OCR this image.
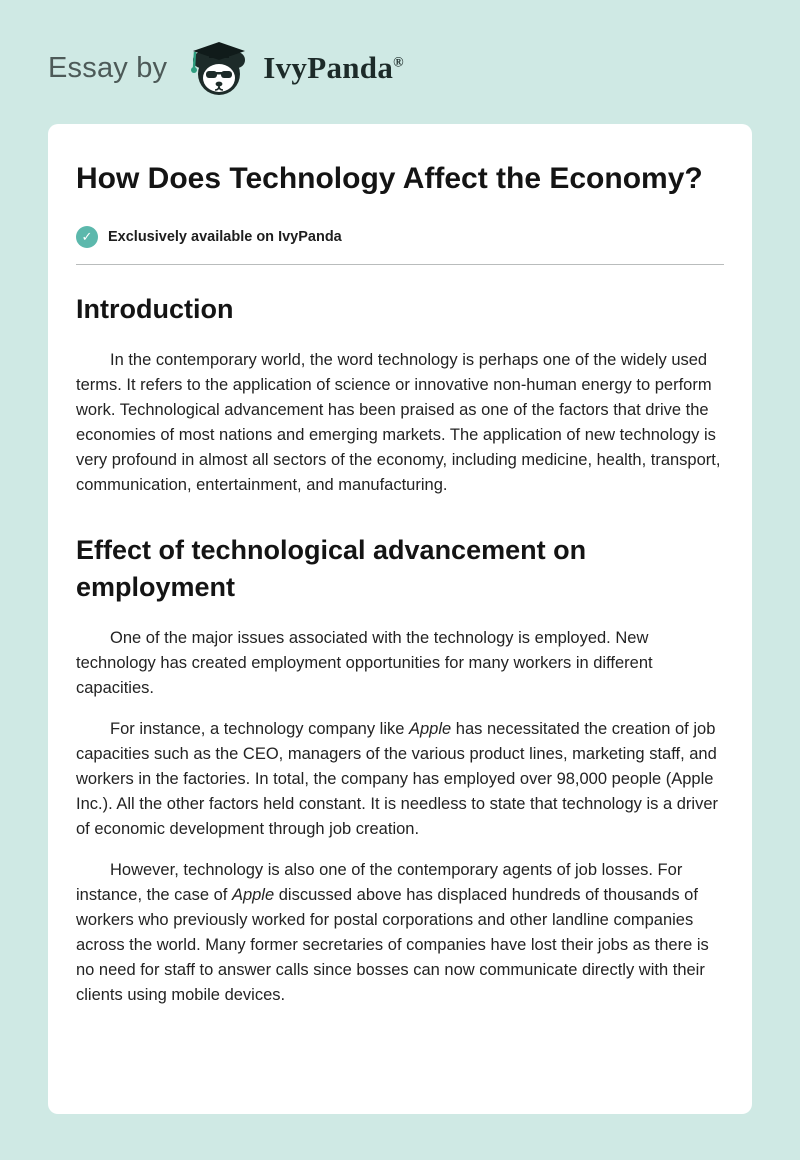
Essay by	IvyPanda®
How Does Technology Affect the Economy?
✓	Exclusively available on IvyPanda
Introduction

In the contemporary world, the word technology is perhaps one of the widely used terms. It refers to the application of science or innovative non-human energy to perform work. Technological advancement has been praised as one of the factors that drive the economies of most nations and emerging markets. The application of new technology is very profound in almost all sectors of the economy, including medicine, health, transport, communication, entertainment, and manufacturing.

Effect of technological advancement on employment

One of the major issues associated with the technology is employed. New technology has created employment opportunities for many workers in different capacities.

For instance, a technology company like Apple has necessitated the creation of job capacities such as the CEO, managers of the various product lines, marketing staff, and workers in the factories. In total, the company has employed over 98,000 people (Apple Inc.). All the other factors held constant. It is needless to state that technology is a driver of economic development through job creation.

However, technology is also one of the contemporary agents of job losses. For instance, the case of Apple discussed above has displaced hundreds of thousands of workers who previously worked for postal corporations and other landline companies across the world. Many former secretaries of companies have lost their jobs as there is no need for staff to answer calls since bosses can now communicate directly with their clients using mobile devices.
